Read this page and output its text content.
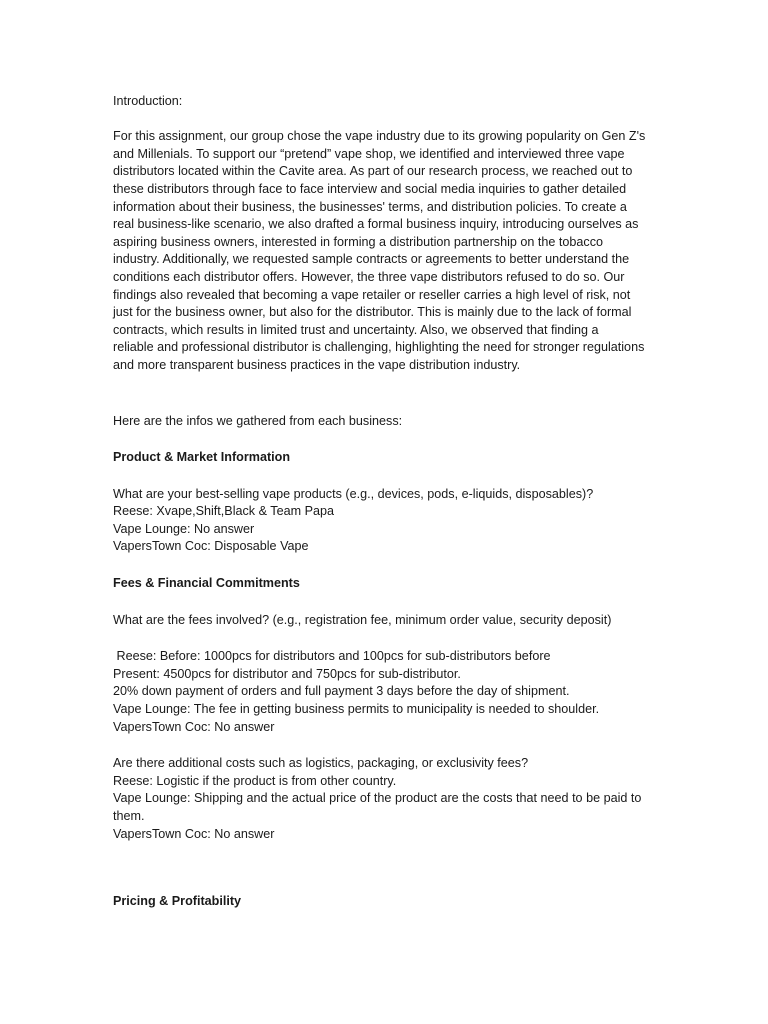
Introduction:
For this assignment, our group chose the vape industry due to its growing popularity on Gen Z's
and Millenials. To support our “pretend” vape shop, we identified and interviewed three vape
distributors located within the Cavite area. As part of our research process, we reached out to
these distributors through face to face interview and social media inquiries to gather detailed
information about their business, the businesses' terms, and distribution policies. To create a
real business-like scenario, we also drafted a formal business inquiry, introducing ourselves as
aspiring business owners, interested in forming a distribution partnership on the tobacco
industry. Additionally, we requested sample contracts or agreements to better understand the
conditions each distributor offers. However, the three vape distributors refused to do so. Our
findings also revealed that becoming a vape retailer or reseller carries a high level of risk, not
just for the business owner, but also for the distributor. This is mainly due to the lack of formal
contracts, which results in limited trust and uncertainty. Also, we observed that finding a
reliable and professional distributor is challenging, highlighting the need for stronger regulations
and more transparent business practices in the vape distribution industry.
Here are the infos we gathered from each business:
Product & Market Information
What are your best-selling vape products (e.g., devices, pods, e-liquids, disposables)?
Reese: Xvape,Shift,Black & Team Papa
Vape Lounge: No answer
VapersTown Coc: Disposable Vape
Fees & Financial Commitments
What are the fees involved? (e.g., registration fee, minimum order value, security deposit)
Reese: Before: 1000pcs for distributors and 100pcs for sub-distributors before
Present: 4500pcs for distributor and 750pcs for sub-distributor.
20% down payment of orders and full payment 3 days before the day of shipment.
Vape Lounge: The fee in getting business permits to municipality is needed to shoulder.
VapersTown Coc: No answer
Are there additional costs such as logistics, packaging, or exclusivity fees?
Reese: Logistic if the product is from other country.
Vape Lounge: Shipping and the actual price of the product are the costs that need to be paid to
them.
VapersTown Coc: No answer
Pricing & Profitability
